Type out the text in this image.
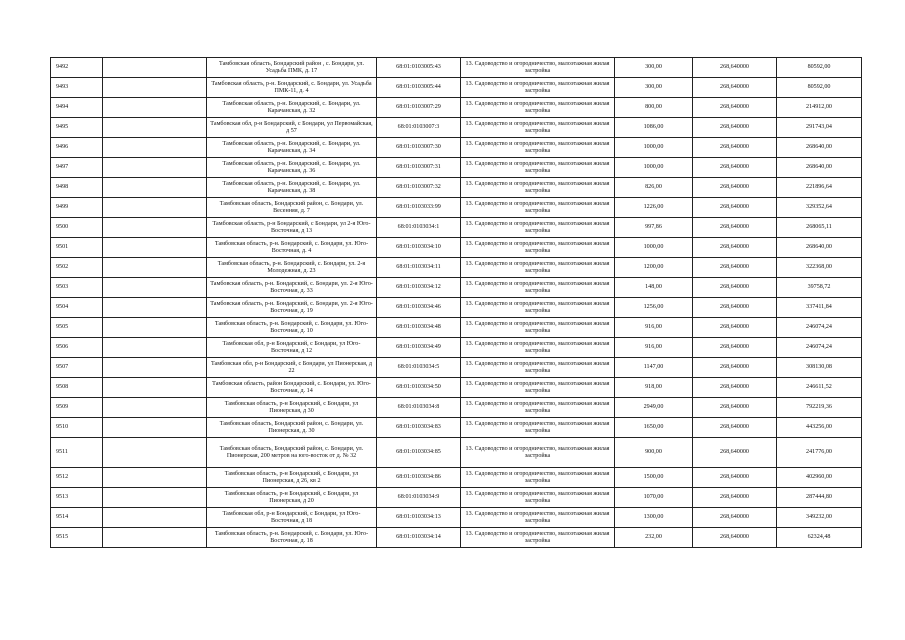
9492		Тамбовская область, Бондарский район , с. Бондари, ул. Усадьба ПМК, д. 17	68:01:0103005:43	13. Садоводство и огородничество, малоэтажная жилая застройка	300,00	268,640000	80592,00
9493		Тамбовская область, р-н. Бондарский, с. Бондари, ул. Усадьба ПМК-11, д. 4	68:01:0103005:44	13. Садоводство и огородничество, малоэтажная жилая застройка	300,00	268,640000	80592,00
9494		Тамбовская область, р-н. Бондарский, с. Бондари, ул. Карачанская, д. 32	68:01:0103007:29	13. Садоводство и огородничество, малоэтажная жилая застройка	800,00	268,640000	214912,00
9495		Тамбовская обл, р-н Бондарский, с Бондари, ул Первомайская, д 57	68:01:0103007:3	13. Садоводство и огородничество, малоэтажная жилая застройка	1086,00	268,640000	291743,04
9496		Тамбовская область, р-н. Бондарский, с. Бондари, ул. Карачанская, д. 34	68:01:0103007:30	13. Садоводство и огородничество, малоэтажная жилая застройка	1000,00	268,640000	268640,00
9497		Тамбовская область, р-н. Бондарский, с. Бондари, ул. Карачанская, д. 36	68:01:0103007:31	13. Садоводство и огородничество, малоэтажная жилая застройка	1000,00	268,640000	268640,00
9498		Тамбовская область, р-н. Бондарский, с. Бондари, ул. Карачанская, д. 38	68:01:0103007:32	13. Садоводство и огородничество, малоэтажная жилая застройка	826,00	268,640000	221896,64
9499		Тамбовская область, Бондарский район, с. Бондари, ул. Весенняя, д. 7	68:01:0103033:99	13. Садоводство и огородничество, малоэтажная жилая застройка	1226,00	268,640000	329352,64
9500		Тамбовская область, р-н Бондарский, с Бондари, ул 2-я Юго-Восточная, д 13	68:01:0103034:1	13. Садоводство и огородничество, малоэтажная жилая застройка	997,86	268,640000	268065,11
9501		Тамбовская область, р-н. Бондарский, с. Бондари, ул. Юго-Восточная, д. 4	68:01:0103034:10	13. Садоводство и огородничество, малоэтажная жилая застройка	1000,00	268,640000	268640,00
9502		Тамбовская область, р-н. Бондарский, с. Бондари, ул. 2-я Молодежная, д. 23	68:01:0103034:11	13. Садоводство и огородничество, малоэтажная жилая застройка	1200,00	268,640000	322368,00
9503		Тамбовская область, р-н. Бондарский, с. Бондари, ул. 2-я Юго-Восточная, д. 33	68:01:0103034:12	13. Садоводство и огородничество, малоэтажная жилая застройка	148,00	268,640000	39758,72
9504		Тамбовская область, р-н. Бондарский, с. Бондари, ул. 2-я Юго-Восточная, д. 19	68:01:0103034:46	13. Садоводство и огородничество, малоэтажная жилая застройка	1256,00	268,640000	337411,84
9505		Тамбовская область, р-н. Бондарский, с. Бондари, ул. Юго-Восточная, д. 10	68:01:0103034:48	13. Садоводство и огородничество, малоэтажная жилая застройка	916,00	268,640000	246074,24
9506		Тамбовская обл, р-н Бондарский, с Бондари, ул Юго-Восточная, д 12	68:01:0103034:49	13. Садоводство и огородничество, малоэтажная жилая застройка	916,00	268,640000	246074,24
9507		Тамбовская обл, р-н Бондарский, с Бондари, ул Пионерская, д 22	68:01:0103034:5	13. Садоводство и огородничество, малоэтажная жилая застройка	1147,00	268,640000	308130,08
9508		Тамбовская область, район Бондарский, с. Бондари, ул. Юго-Восточная, д. 14	68:01:0103034:50	13. Садоводство и огородничество, малоэтажная жилая застройка	918,00	268,640000	246611,52
9509		Тамбовская область, р-н Бондарский, с Бондари, ул Пионерская, д 30	68:01:0103034:8	13. Садоводство и огородничество, малоэтажная жилая застройка	2949,00	268,640000	792219,36
9510		Тамбовская область, Бондарский район, с. Бондари, ул. Пионерская, д. 30	68:01:0103034:83	13. Садоводство и огородничество, малоэтажная жилая застройка	1650,00	268,640000	443256,00
9511		Тамбовская область, Бондарский район, с. Бондари, ул. Пионерская, 200 метров на юго-восток от д. № 32	68:01:0103034:85	13. Садоводство и огородничество, малоэтажная жилая застройка	900,00	268,640000	241776,00
9512		Тамбовская область, р-н Бондарский, с Бондари, ул Пионерская, д 26, кв 2	68:01:0103034:86	13. Садоводство и огородничество, малоэтажная жилая застройка	1500,00	268,640000	402960,00
9513		Тамбовская область, р-н Бондарский, с Бондари, ул Пионерская, д 20	68:01:0103034:9	13. Садоводство и огородничество, малоэтажная жилая застройка	1070,00	268,640000	287444,80
9514		Тамбовская обл, р-н Бондарский, с Бондари, ул Юго-Восточная, д 18	68:01:0103034:13	13. Садоводство и огородничество, малоэтажная жилая застройка	1300,00	268,640000	349232,00
9515		Тамбовская область, р-н. Бондарский, с. Бондари, ул. Юго-Восточная, д. 18	68:01:0103034:14	13. Садоводство и огородничество, малоэтажная жилая застройка	232,00	268,640000	62324,48
